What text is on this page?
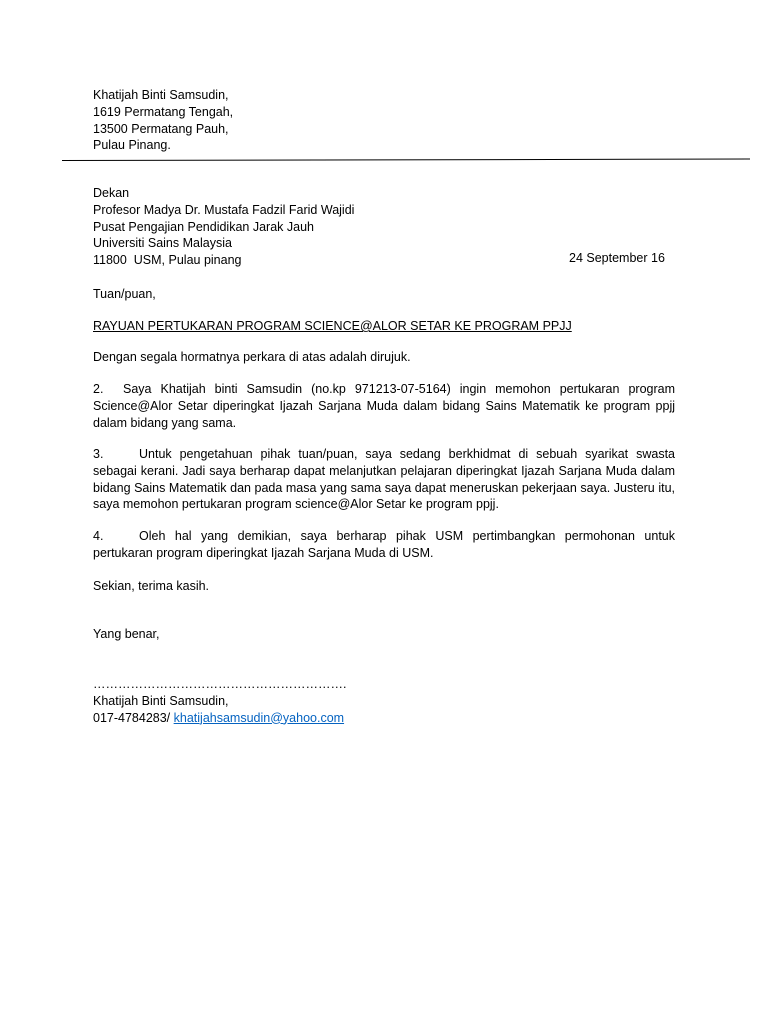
Khatijah Binti Samsudin,
1619 Permatang Tengah,
13500 Permatang Pauh,
Pulau Pinang.
Dekan
Profesor Madya Dr. Mustafa Fadzil Farid Wajidi
Pusat Pengajian Pendidikan Jarak Jauh
Universiti Sains Malaysia
11800  USM, Pulau pinang	24 September 16
Tuan/puan,
RAYUAN PERTUKARAN PROGRAM SCIENCE@ALOR SETAR KE PROGRAM PPJJ
Dengan segala hormatnya perkara di atas adalah dirujuk.

2. Saya Khatijah binti Samsudin (no.kp 971213-07-5164) ingin memohon pertukaran program Science@Alor Setar diperingkat Ijazah Sarjana Muda dalam bidang Sains Matematik ke program ppjj dalam bidang yang sama.

3.	Untuk pengetahuan pihak tuan/puan, saya sedang berkhidmat di sebuah syarikat swasta sebagai kerani. Jadi saya berharap dapat melanjutkan pelajaran diperingkat Ijazah Sarjana Muda dalam bidang Sains Matematik dan pada masa yang sama saya dapat meneruskan pekerjaan saya. Justeru itu, saya memohon pertukaran program science@Alor Setar ke program ppjj.

4.	Oleh hal yang demikian, saya berharap pihak USM pertimbangkan permohonan untuk pertukaran program diperingkat Ijazah Sarjana Muda di USM.

Sekian, terima kasih.
Yang benar,
…………………………………………………….
Khatijah Binti Samsudin,
017-4784283/ khatijahsamsudin@yahoo.com
